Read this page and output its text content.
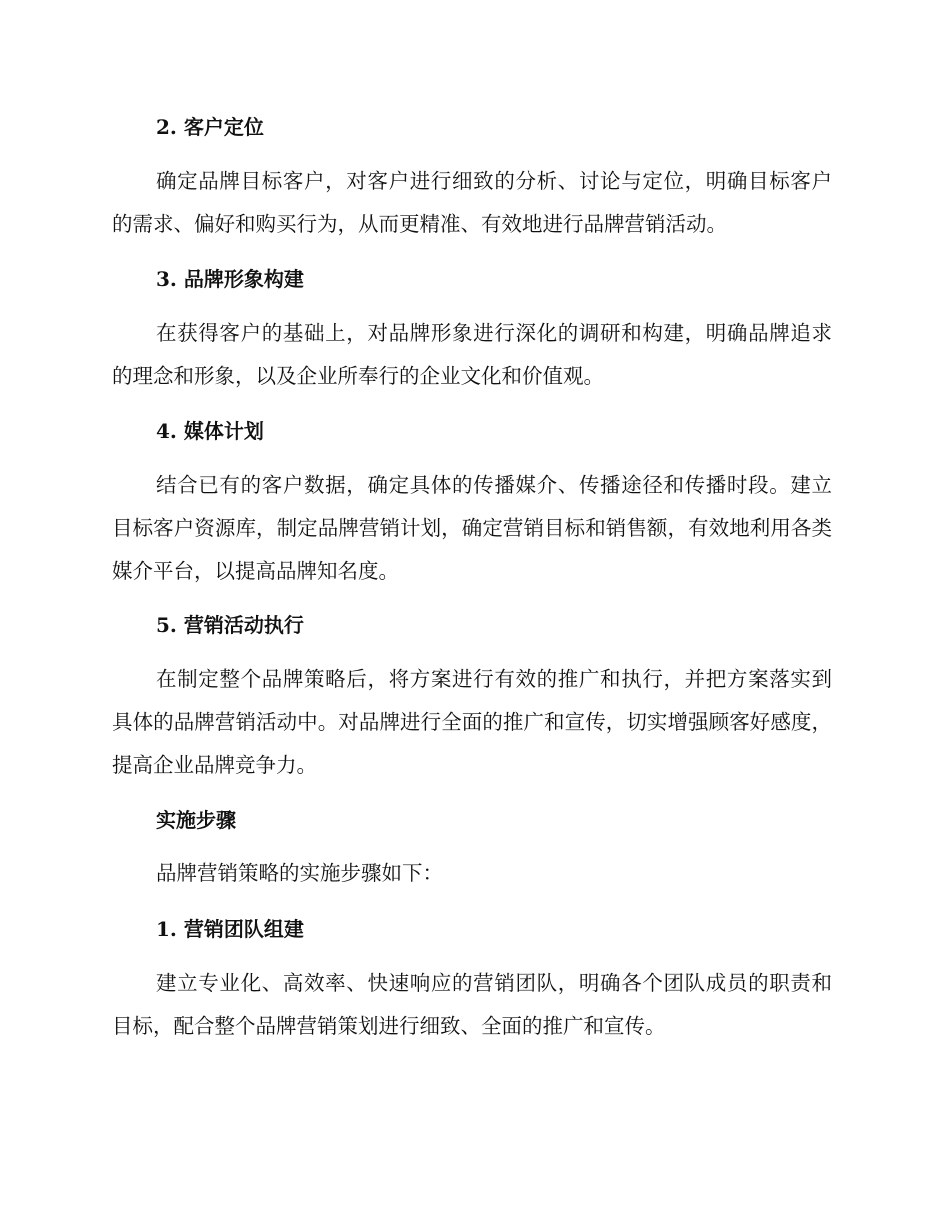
2. 客户定位
确定品牌目标客户，对客户进行细致的分析、讨论与定位，明确目标客户的需求、偏好和购买行为，从而更精准、有效地进行品牌营销活动。
3. 品牌形象构建
在获得客户的基础上，对品牌形象进行深化的调研和构建，明确品牌追求的理念和形象，以及企业所奉行的企业文化和价值观。
4. 媒体计划
结合已有的客户数据，确定具体的传播媒介、传播途径和传播时段。建立目标客户资源库，制定品牌营销计划，确定营销目标和销售额，有效地利用各类媒介平台，以提高品牌知名度。
5. 营销活动执行
在制定整个品牌策略后，将方案进行有效的推广和执行，并把方案落实到具体的品牌营销活动中。对品牌进行全面的推广和宣传，切实增强顾客好感度，提高企业品牌竞争力。
实施步骤
品牌营销策略的实施步骤如下：
1. 营销团队组建
建立专业化、高效率、快速响应的营销团队，明确各个团队成员的职责和目标，配合整个品牌营销策划进行细致、全面的推广和宣传。
